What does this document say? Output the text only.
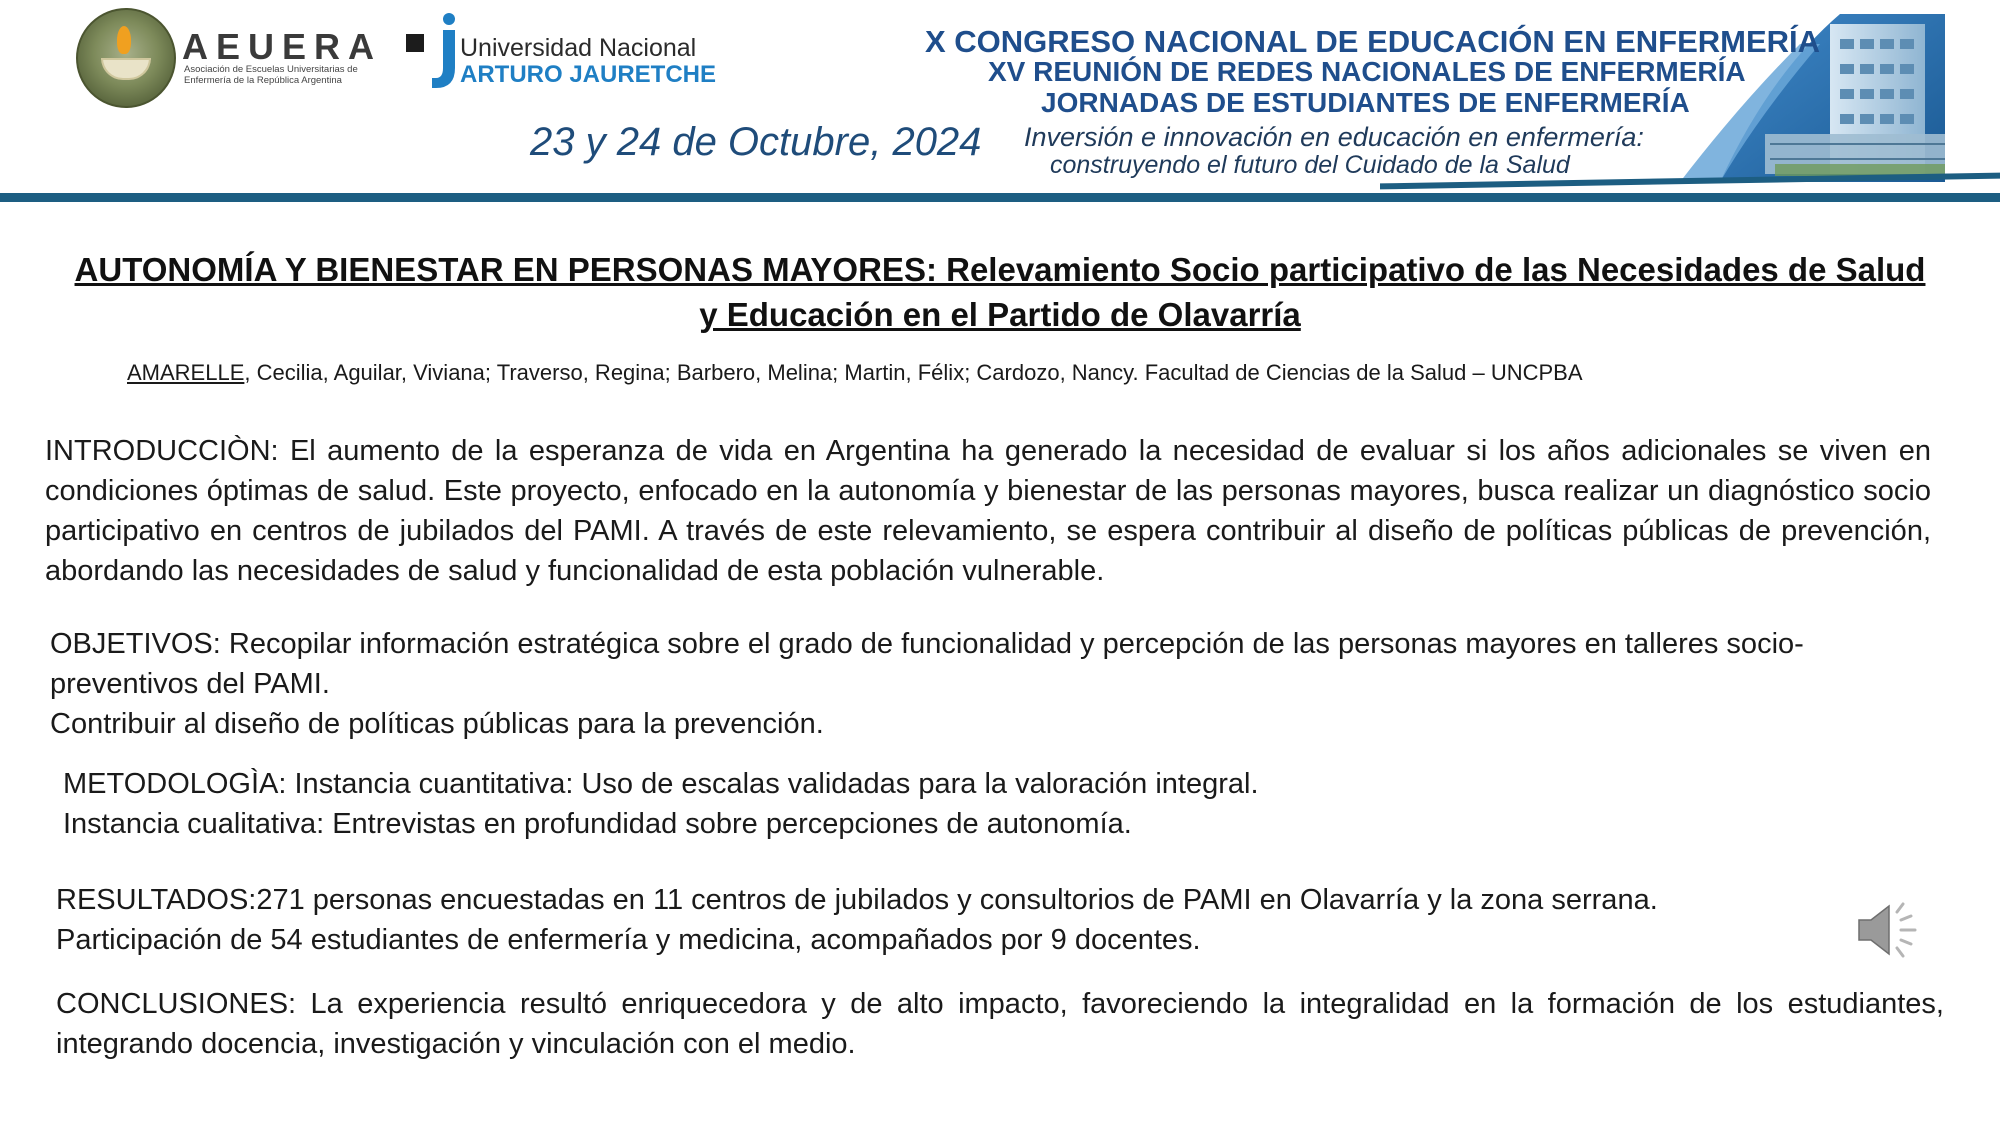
AEUERA
Asociación de Escuelas Universitarias de Enfermería de la República Argentina
Universidad Nacional
ARTURO JAURETCHE
23 y 24 de Octubre, 2024
X CONGRESO NACIONAL DE EDUCACIÓN EN ENFERMERÍA
XV REUNIÓN DE REDES NACIONALES DE ENFERMERÍA
JORNADAS DE ESTUDIANTES DE ENFERMERÍA
Inversión e innovación en educación en enfermería:
construyendo el futuro del Cuidado de la Salud
AUTONOMÍA Y BIENESTAR EN PERSONAS MAYORES: Relevamiento Socio participativo de las Necesidades de Salud y Educación en el Partido de Olavarría
AMARELLE, Cecilia, Aguilar, Viviana; Traverso, Regina; Barbero, Melina; Martin, Félix; Cardozo, Nancy. Facultad de Ciencias de la Salud – UNCPBA
INTRODUCCIÒN: El aumento de la esperanza de vida en Argentina ha generado la necesidad de evaluar si los años adicionales se viven en condiciones óptimas de salud. Este proyecto, enfocado en la autonomía y bienestar de las personas mayores, busca realizar un diagnóstico socio participativo en centros de jubilados del PAMI. A través de este relevamiento, se espera contribuir al diseño de políticas públicas de prevención, abordando las necesidades de salud y funcionalidad de esta población vulnerable.
OBJETIVOS: Recopilar información estratégica sobre el grado de funcionalidad y percepción de las personas mayores en talleres socio-preventivos del PAMI.
Contribuir al diseño de políticas públicas para la prevención.
METODOLOGÌA: Instancia cuantitativa: Uso de escalas validadas para la valoración integral.
Instancia cualitativa: Entrevistas en profundidad sobre percepciones de autonomía.
RESULTADOS:271 personas encuestadas en 11 centros de jubilados y consultorios de PAMI en Olavarría y la zona serrana.
Participación de 54 estudiantes de enfermería y medicina, acompañados por 9 docentes.
CONCLUSIONES: La experiencia resultó enriquecedora y de alto impacto, favoreciendo la integralidad en la formación de los estudiantes, integrando docencia, investigación y vinculación con el medio.
